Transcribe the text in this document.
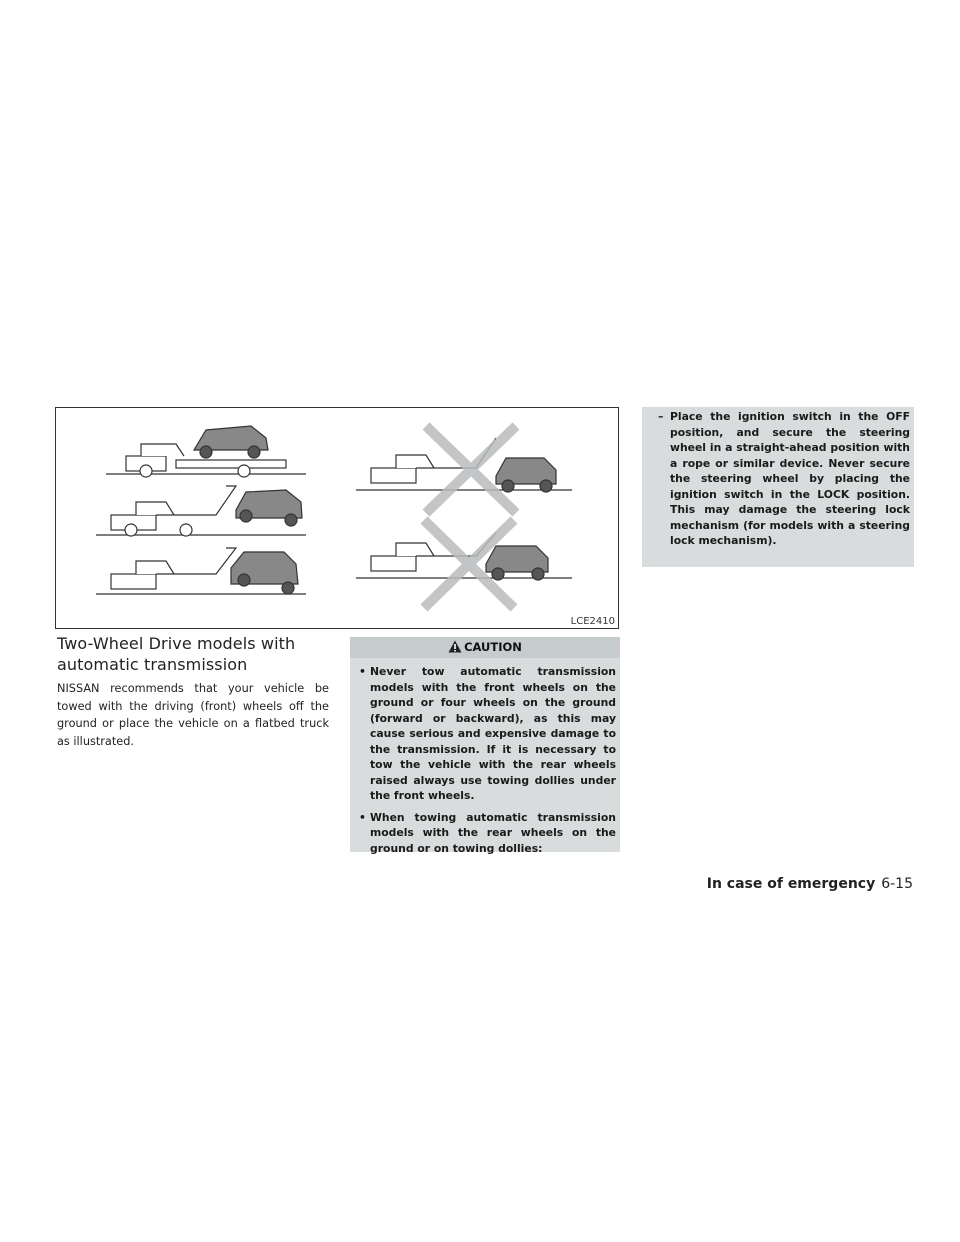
LCE2410
Two-Wheel Drive models with automatic transmission
NISSAN recommends that your vehicle be towed with the driving (front) wheels off the ground or place the vehicle on a flatbed truck as illustrated.
CAUTION
• Never tow automatic transmission models with the front wheels on the ground or four wheels on the ground (forward or backward), as this may cause serious and expensive damage to the transmission. If it is necessary to tow the vehicle with the rear wheels raised always use towing dollies under the front wheels.
• When towing automatic transmission models with the rear wheels on the ground or on towing dollies:

– Place the ignition switch in the OFF position, and secure the steering wheel in a straight-ahead position with a rope or similar device. Never secure the steering wheel by placing the ignition switch in the LOCK position. This may damage the steering lock mechanism (for models with a steering lock mechanism).

In case of emergency 6-15
